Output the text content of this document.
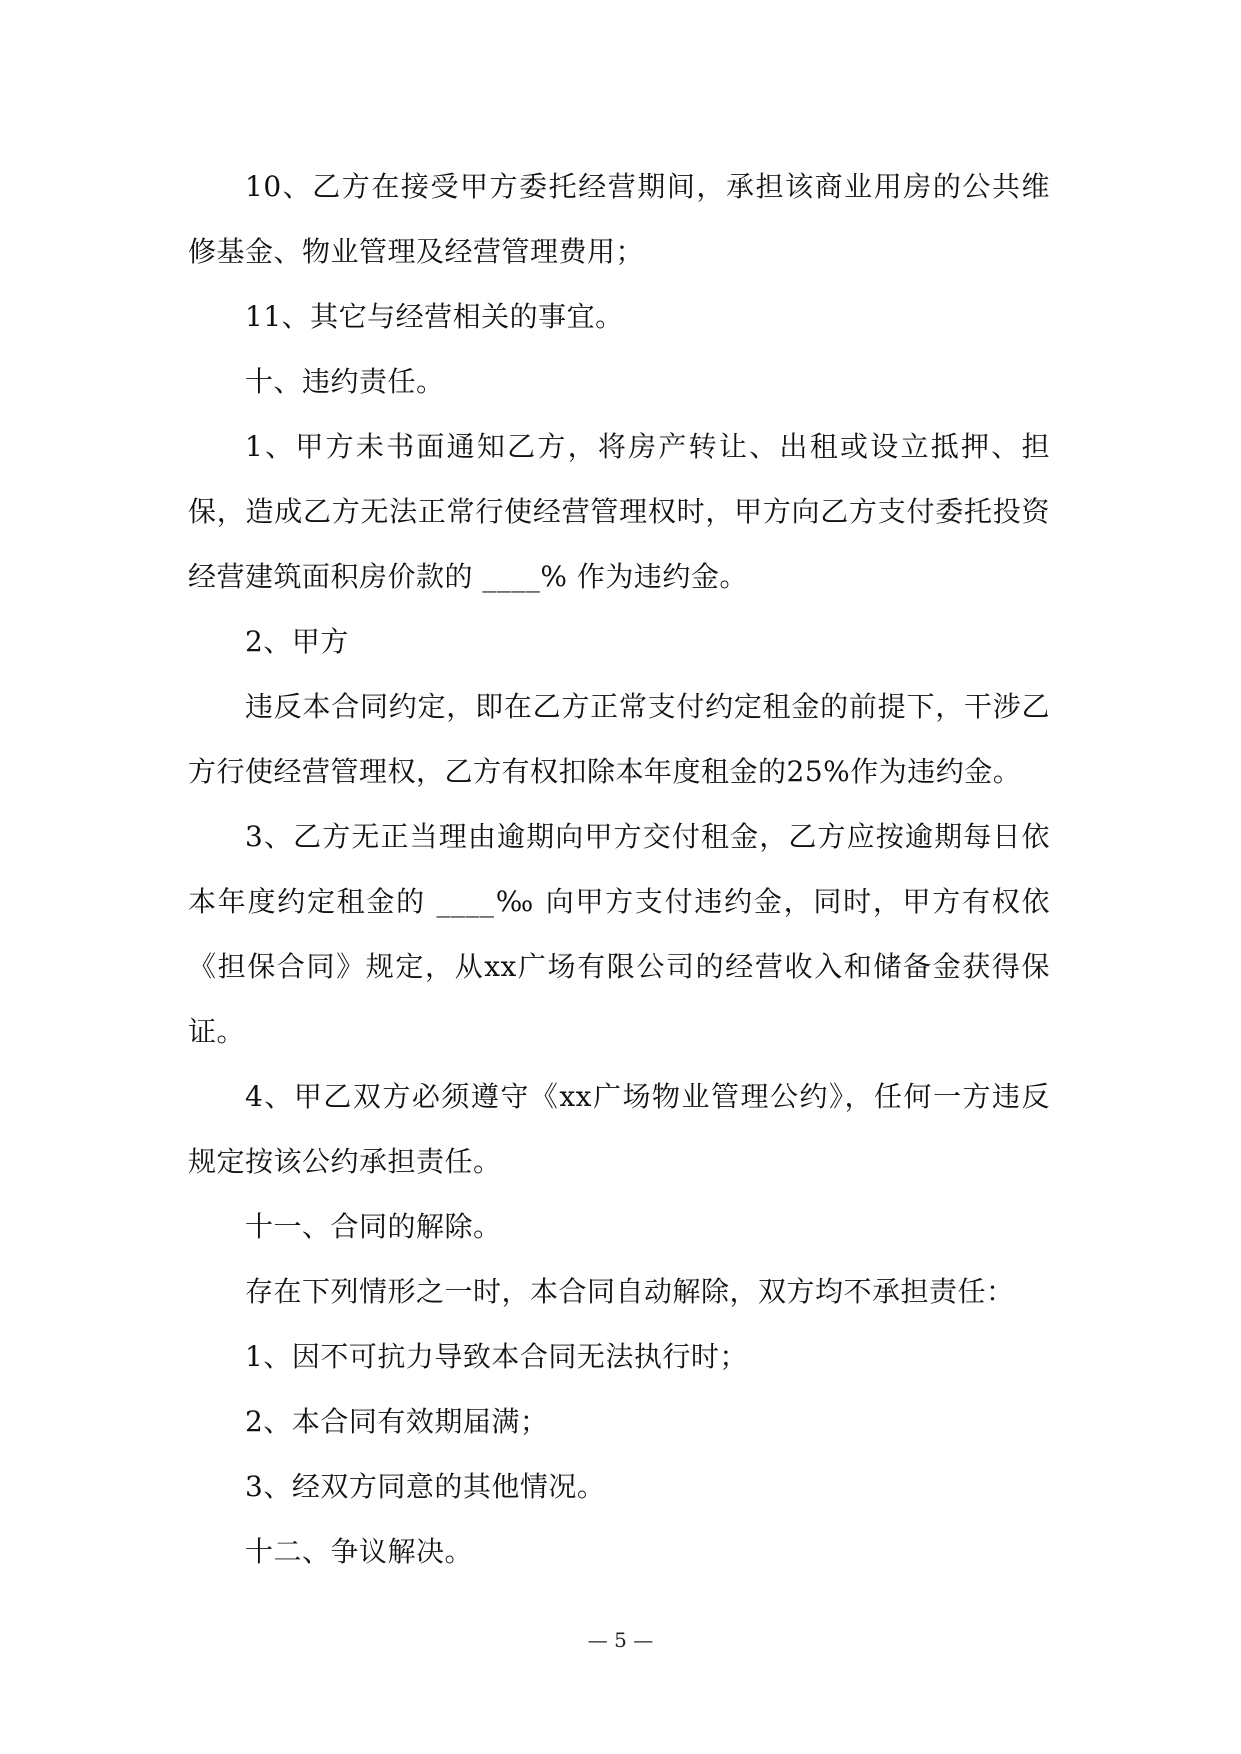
10、乙方在接受甲方委托经营期间，承担该商业用房的公共维修基金、物业管理及经营管理费用；

11、其它与经营相关的事宜。

十、违约责任。

1、甲方未书面通知乙方，将房产转让、出租或设立抵押、担保，造成乙方无法正常行使经营管理权时，甲方向乙方支付委托投资经营建筑面积房价款的 ____% 作为违约金。

2、甲方

违反本合同约定，即在乙方正常支付约定租金的前提下，干涉乙方行使经营管理权，乙方有权扣除本年度租金的25%作为违约金。

3、乙方无正当理由逾期向甲方交付租金，乙方应按逾期每日依本年度约定租金的 ____‰ 向甲方支付违约金，同时，甲方有权依《担保合同》规定，从xx广场有限公司的经营收入和储备金获得保证。

4、甲乙双方必须遵守《xx广场物业管理公约》，任何一方违反规定按该公约承担责任。

十一、合同的解除。

存在下列情形之一时，本合同自动解除，双方均不承担责任：

1、因不可抗力导致本合同无法执行时；

2、本合同有效期届满；

3、经双方同意的其他情况。

十二、争议解决。

— 5 —
